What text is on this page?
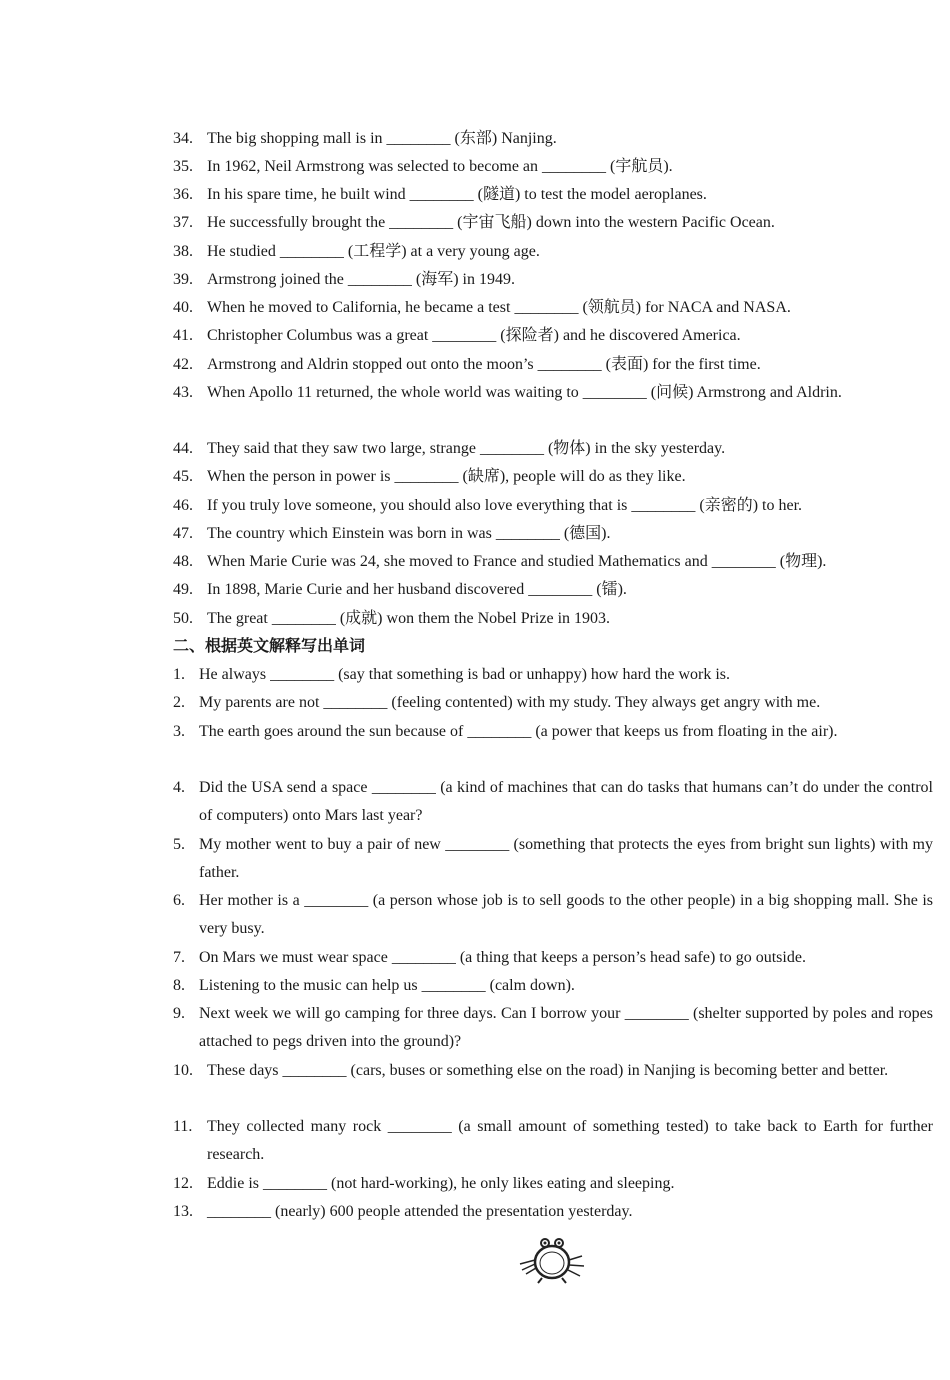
34. The big shopping mall is in ________ (东部) Nanjing.
35. In 1962, Neil Armstrong was selected to become an ________ (宇航员).
36. In his spare time, he built wind ________ (隧道) to test the model aeroplanes.
37. He successfully brought the ________ (宇宙飞船) down into the western Pacific Ocean.
38. He studied ________ (工程学) at a very young age.
39. Armstrong joined the ________ (海军) in 1949.
40. When he moved to California, he became a test ________ (领航员) for NACA and NASA.
41. Christopher Columbus was a great ________ (探险者) and he discovered America.
42. Armstrong and Aldrin stopped out onto the moon’s ________ (表面) for the first time.
43. When Apollo 11 returned, the whole world was waiting to ________ (问候) Armstrong and Aldrin.
44. They said that they saw two large, strange ________ (物体) in the sky yesterday.
45. When the person in power is ________ (缺席), people will do as they like.
46. If you truly love someone, you should also love everything that is ________ (亲密的) to her.
47. The country which Einstein was born in was ________ (德国).
48. When Marie Curie was 24, she moved to France and studied Mathematics and ________ (物理).
49. In 1898, Marie Curie and her husband discovered ________ (镭).
50. The great ________ (成就) won them the Nobel Prize in 1903.
二、根据英文解释写出单词
1. He always ________ (say that something is bad or unhappy) how hard the work is.
2. My parents are not ________ (feeling contented) with my study. They always get angry with me.
3. The earth goes around the sun because of ________ (a power that keeps us from floating in the air).
4. Did the USA send a space ________ (a kind of machines that can do tasks that humans can’t do under the control of computers) onto Mars last year?
5. My mother went to buy a pair of new ________ (something that protects the eyes from bright sun lights) with my father.
6. Her mother is a ________ (a person whose job is to sell goods to the other people) in a big shopping mall. She is very busy.
7. On Mars we must wear space ________ (a thing that keeps a person’s head safe) to go outside.
8. Listening to the music can help us ________ (calm down).
9. Next week we will go camping for three days. Can I borrow your ________ (shelter supported by poles and ropes attached to pegs driven into the ground)?
10. These days ________ (cars, buses or something else on the road) in Nanjing is becoming better and better.
11. They collected many rock ________ (a small amount of something tested) to take back to Earth for further research.
12. Eddie is ________ (not hard-working), he only likes eating and sleeping.
13. ________ (nearly) 600 people attended the presentation yesterday.
